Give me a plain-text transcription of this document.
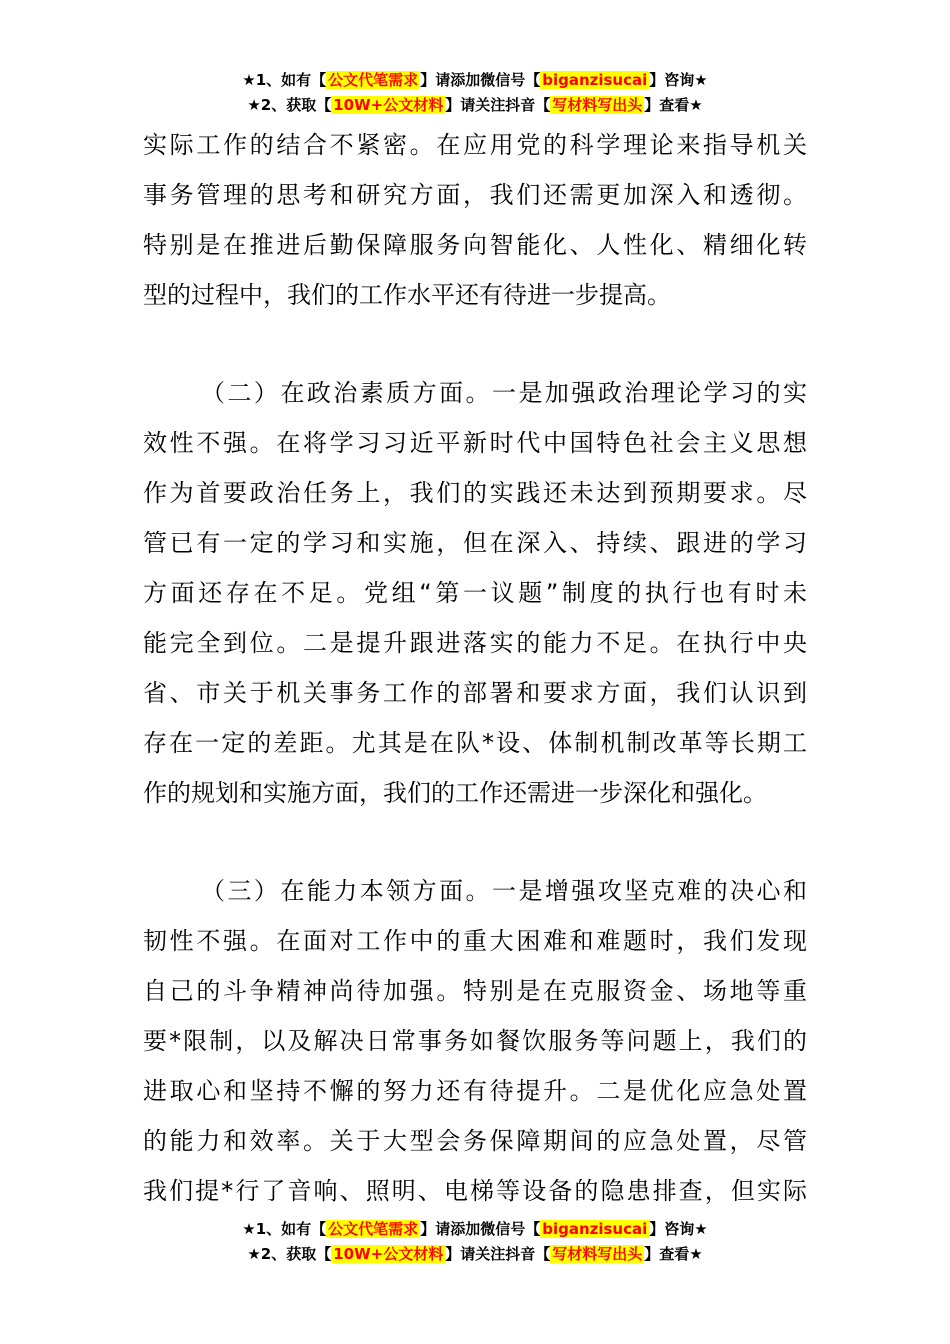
★1、如有【 公文代笔需求 】请添加微信号【 biganzisucai 】咨询★
★2、获取【 10W+公文材料 】请关注抖音【 写材料写出头 】查看★
实际工作的结合不紧密。在应用党的科学理论来指导机关
事务管理的思考和研究方面，我们还需更加深入和透彻。
特别是在推进后勤保障服务向智能化、人性化、精细化转
型的过程中，我们的工作水平还有待进一步提高。
（二）在政治素质方面。一是加强政治理论学习的实
效性不强。在将学习习近平新时代中国特色社会主义思想
作为首要政治任务上，我们的实践还未达到预期要求。尽
管已有一定的学习和实施，但在深入、持续、跟进的学习
方面还存在不足。党组“第一议题”制度的执行也有时未
能完全到位。二是提升跟进落实的能力不足。在执行中央
省、市关于机关事务工作的部署和要求方面，我们认识到
存在一定的差距。尤其是在队*设、体制机制改革等长期工
作的规划和实施方面，我们的工作还需进一步深化和强化。
（三）在能力本领方面。一是增强攻坚克难的决心和
韧性不强。在面对工作中的重大困难和难题时，我们发现
自己的斗争精神尚待加强。特别是在克服资金、场地等重
要*限制，以及解决日常事务如餐饮服务等问题上，我们的
进取心和坚持不懈的努力还有待提升。二是优化应急处置
的能力和效率。关于大型会务保障期间的应急处置，尽管
我们提*行了音响、照明、电梯等设备的隐患排查，但实际
★1、如有【 公文代笔需求 】请添加微信号【 biganzisucai 】咨询★
★2、获取【 10W+公文材料 】请关注抖音【 写材料写出头 】查看★
